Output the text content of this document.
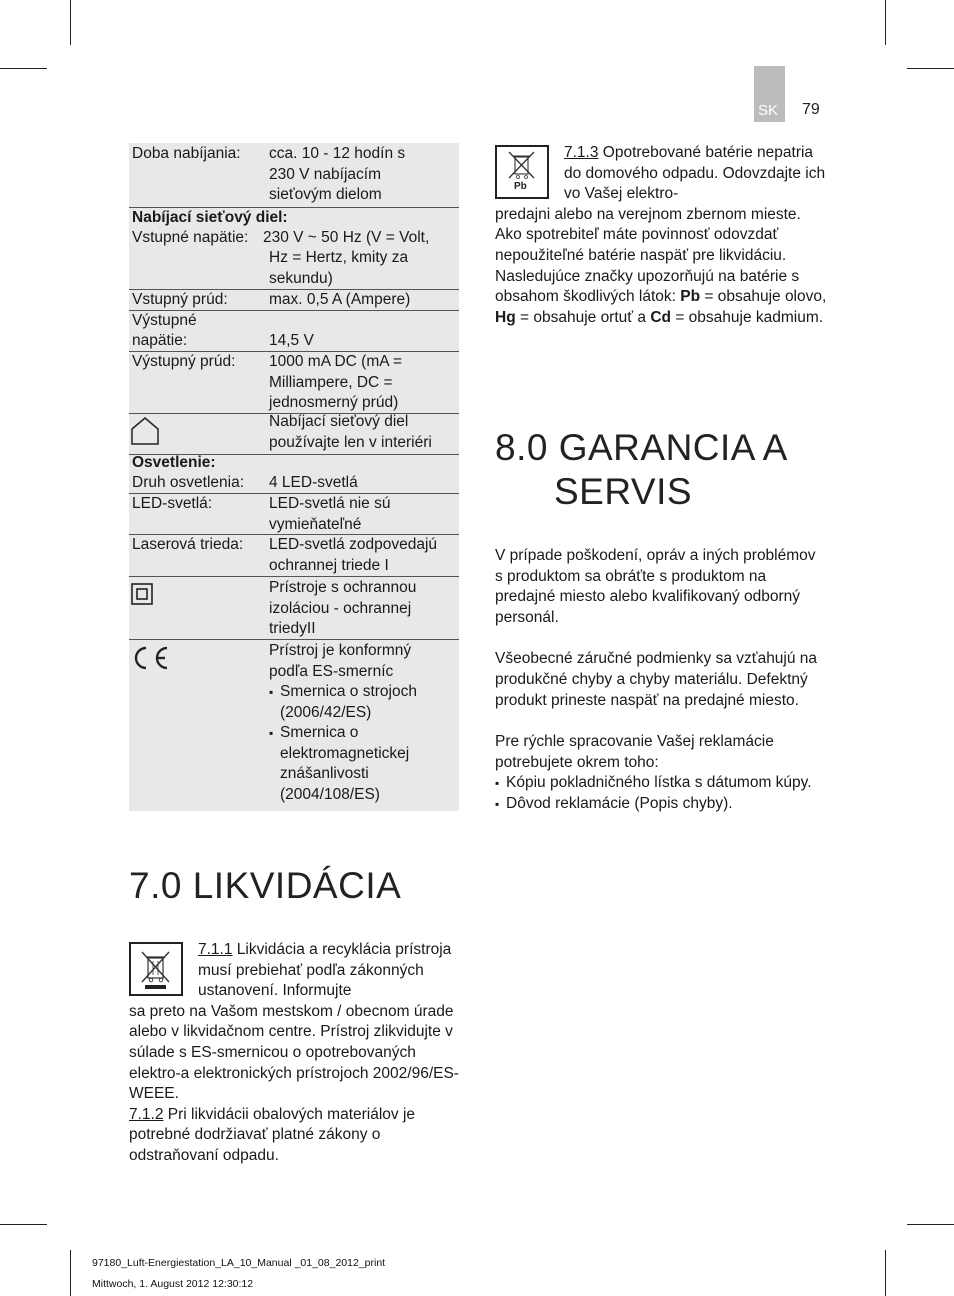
SK 79
Doba nabíjania: cca. 10 - 12 hodín s 230 V nabíjacím sieťovým dielom
Nabíjací sieťový diel:
Vstupné napätie: 230 V ~ 50 Hz (V = Volt,
Hz = Hertz, kmity za sekundu)
Vstupný prúd:	max. 0,5 A (Ampere)
Výstupné
napätie:	14,5 V
Výstupný prúd: 1000 mA DC (mA = Milliampere, DC = jednosmerný prúd)
Nabíjací sieťový diel používajte len v interiéri
Osvetlenie:
Druh osvetlenia: 4 LED-svetlá
LED-svetlá:	LED-svetlá nie sú vymieňateľné
Laserová trieda: LED-svetlá zodpovedajú ochrannej triede I
Prístroje s ochrannou izoláciou - ochrannej triedyII
Prístroj je konformný podľa ES-smerníc
▪ Smernica o strojoch (2006/42/ES)
▪ Smernica o elektromagnetickej znášanlivosti (2004/108/ES)
7.0 LIKVIDÁCIA

7.1.1 Likvidácia a recyklácia prístroja musí prebiehať podľa zákonných ustanovení. Informujte

sa preto na Vašom mestskom / obecnom úrade alebo v likvidačnom centre. Prístroj zlikvidujte v súlade s ES-smernicou o opotrebovaných elektro-a elektronických prístrojoch 2002/96/ES-WEEE.

7.1.2 Pri likvidácii obalových materiálov je potrebné dodržiavať platné zákony o odstraňovaní odpadu.

Pb

7.1.3 Opotrebované batérie nepatria do domového odpadu. Odovzdajte ich vo Vašej elektro-

predajni alebo na verejnom zbernom mieste. Ako spotrebiteľ máte povinnosť odovzdať nepoužiteľné batérie naspäť pre likvidáciu. Nasledujúce značky upozorňujú na batérie s obsahom škodlivých látok: Pb = obsahuje olovo, Hg = obsahuje ortuť a Cd = obsahuje kadmium.

8.0 GARANCIA A
SERVIS

V prípade poškodení, opráv a iných problémov s produktom sa obráťte s produktom na predajné miesto alebo kvalifikovaný odborný personál.

Všeobecné záručné podmienky sa vzťahujú na produkčné chyby a chyby materiálu. Defektný produkt prineste naspäť na predajné miesto.

Pre rýchle spracovanie Vašej reklamácie potrebujete okrem toho:

▪ Kópiu pokladničného lístka s dátumom kúpy.
▪ Dôvod reklamácie (Popis chyby).
97180_Luft-Energiestation_LA_10_Manual _01_08_2012_print
Mittwoch, 1. August 2012 12:30:12
